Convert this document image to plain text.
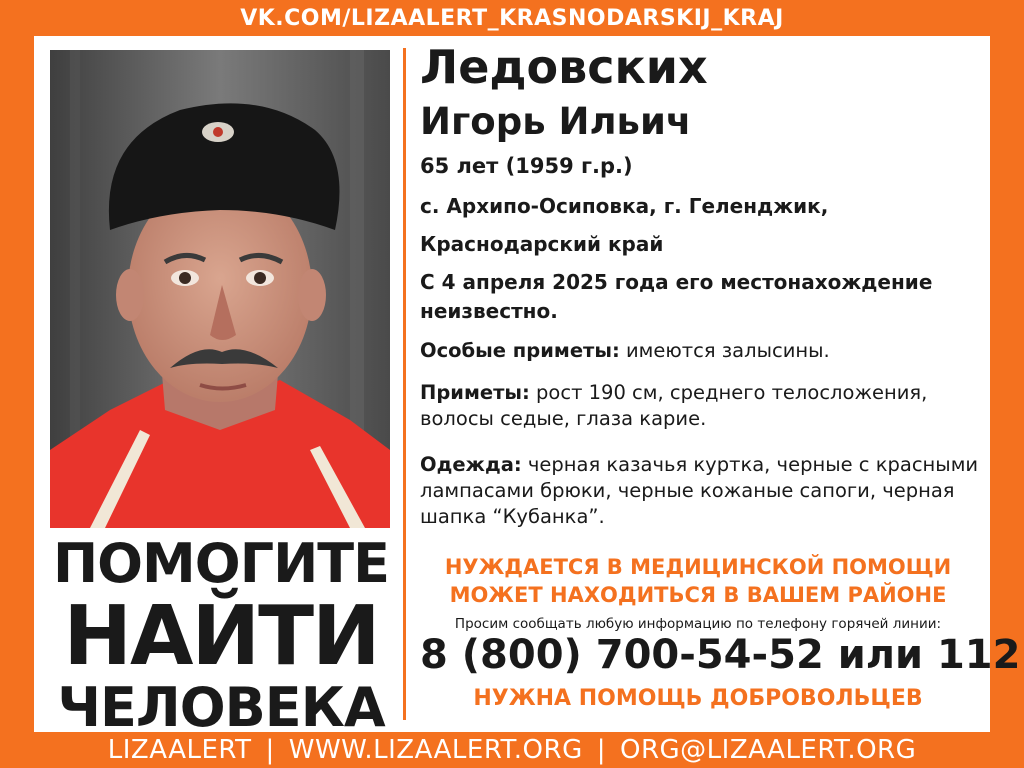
VK.COM/LIZAALERT_KRASNODARSKIJ_KRAJ
ПОМОГИТЕ
НАЙТИ
ЧЕЛОВЕКА
Ледовских
Игорь Ильич
65 лет (1959 г.р.)
с. Архипо-Осиповка, г. Геленджик,
Краснодарский край
С 4 апреля 2025 года его местонахождение неизвестно.
Особые приметы: имеются залысины.
Приметы: рост 190 см, среднего телосложения, волосы седые, глаза карие.
Одежда: черная казачья куртка, черные с красными лампасами брюки, черные кожаные сапоги, черная шапка “Кубанка”.
НУЖДАЕТСЯ В МЕДИЦИНСКОЙ ПОМОЩИ
МОЖЕТ НАХОДИТЬСЯ В ВАШЕМ РАЙОНЕ
Просим сообщать любую информацию по телефону горячей линии:
8 (800) 700-54-52 или 112
НУЖНА ПОМОЩЬ ДОБРОВОЛЬЦЕВ
LIZAALERT | WWW.LIZAALERT.ORG | ORG@LIZAALERT.ORG
